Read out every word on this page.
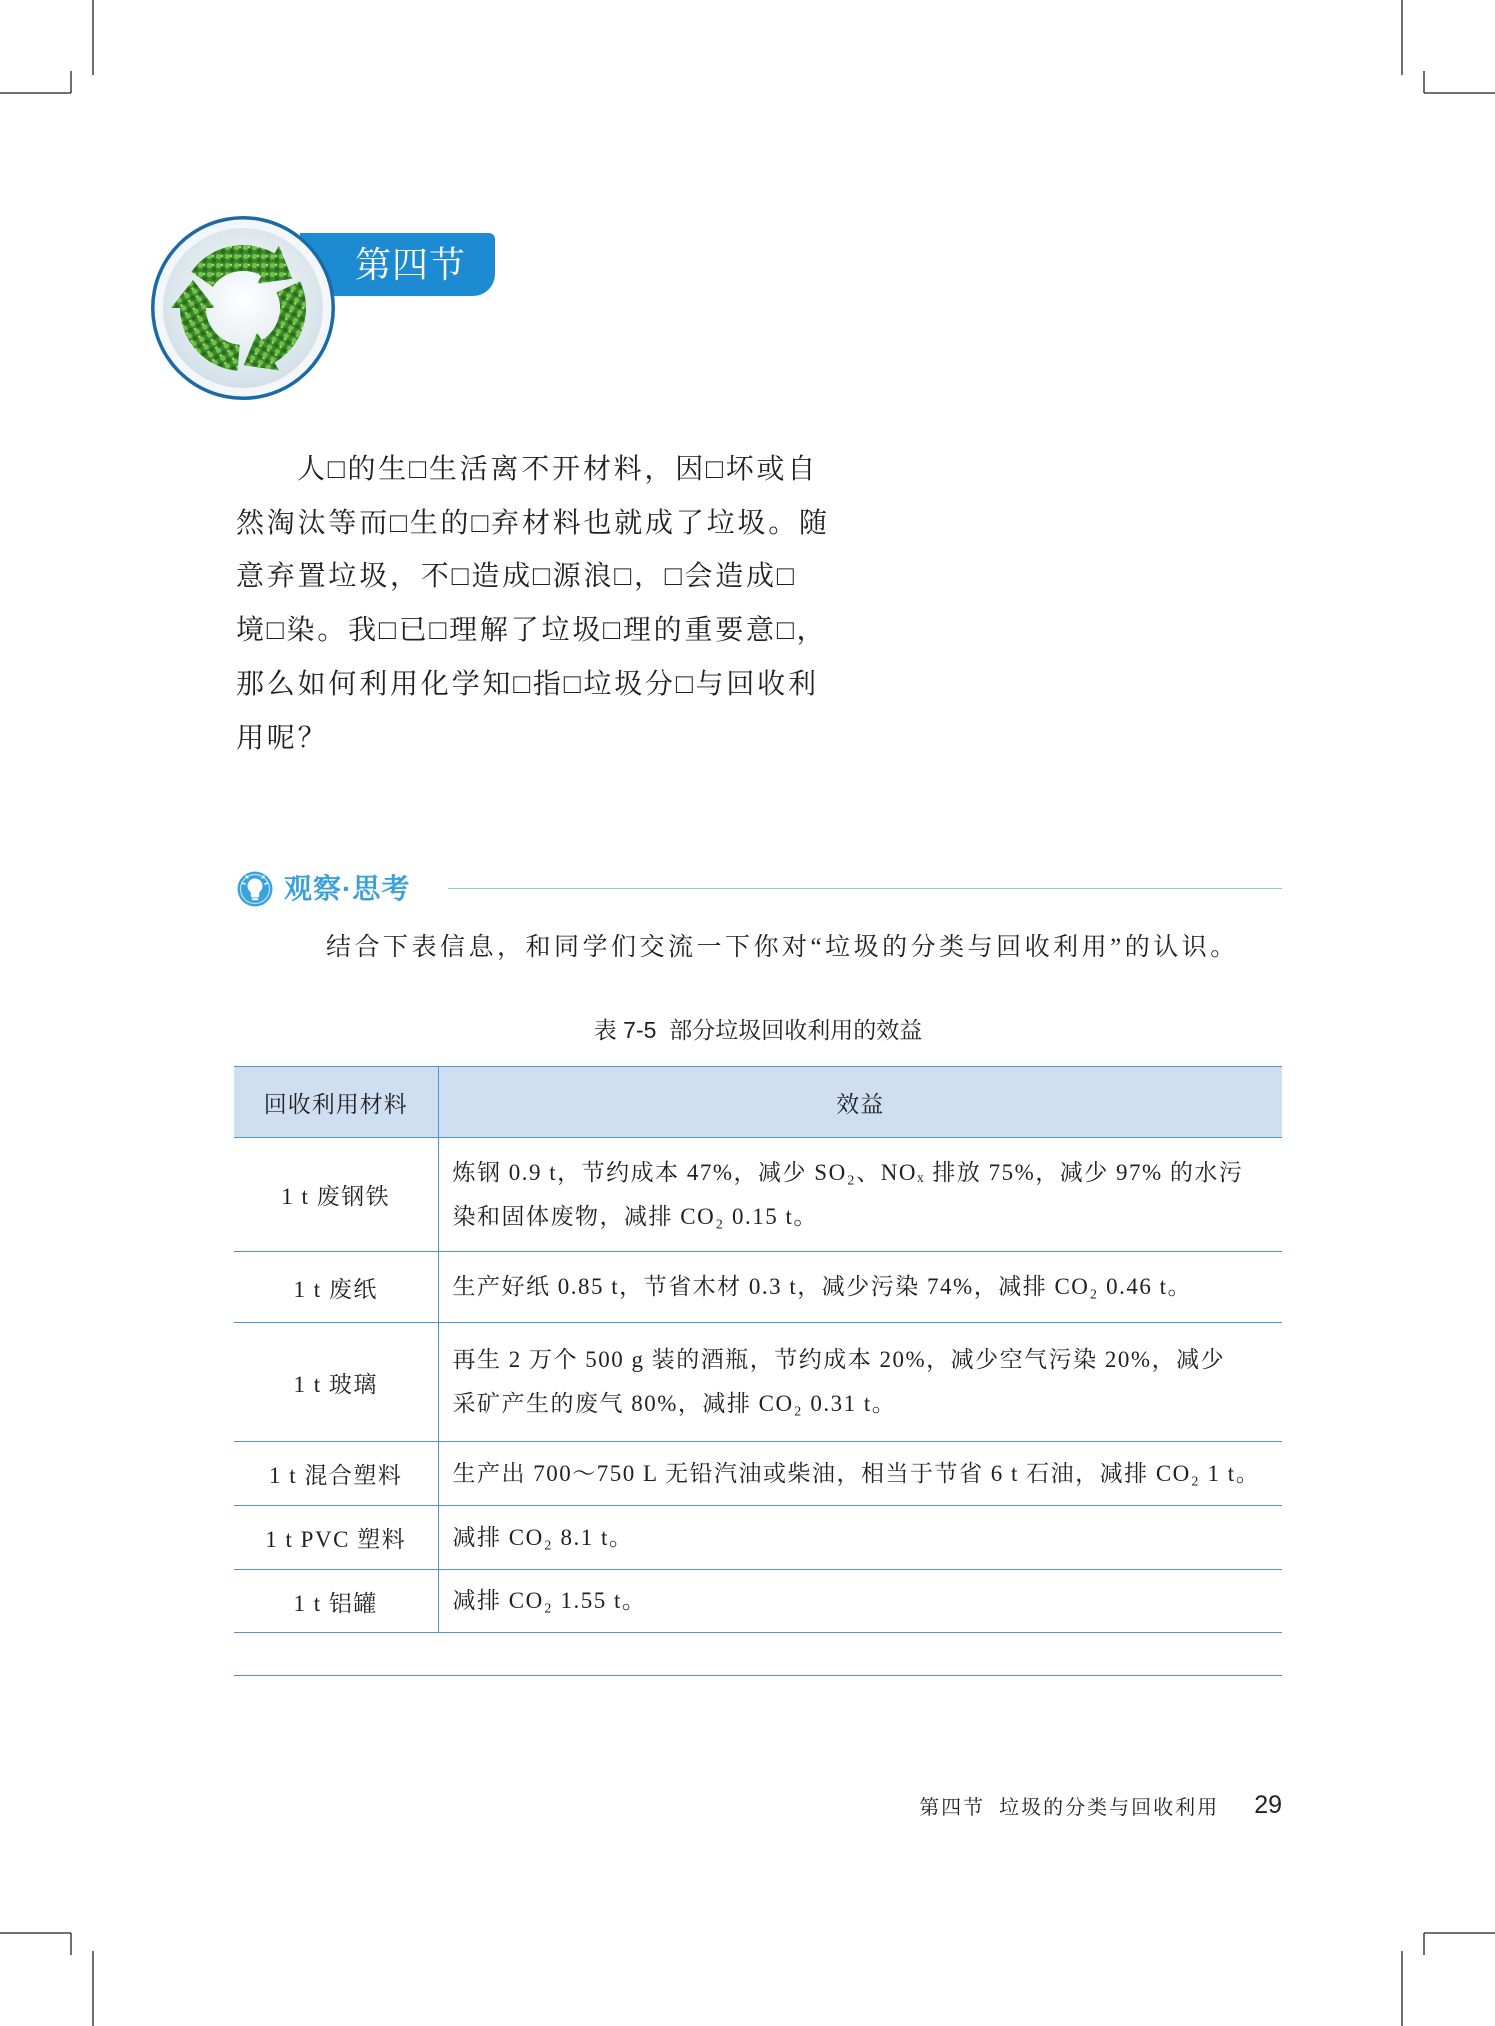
第四节
人□的生□生活离不开材料，因□坏或自
然淘汰等而□生的□弃材料也就成了垃圾。随
意弃置垃圾，不□造成□源浪□，□会造成□
境□染。我□已□理解了垃圾□理的重要意□，
那么如何利用化学知□指□垃圾分□与回收利
用呢？
观察·思考
结合下表信息，和同学们交流一下你对“垃圾的分类与回收利用”的认识。
表 7-5  部分垃圾回收利用的效益
回收利用材料	效益
1 t 废钢铁	炼钢 0.9 t，节约成本 47%，减少 SO₂、NOₓ 排放 75%，减少 97% 的水污
染和固体废物，减排 CO₂ 0.15 t。

1 t 废纸	生产好纸 0.85 t，节省木材 0.3 t，减少污染 74%，减排 CO₂ 0.46 t。

1 t 玻璃	再生 2 万个 500 g 装的酒瓶，节约成本 20%，减少空气污染 20%，减少
采矿产生的废气 80%，减排 CO₂ 0.31 t。

1 t 混合塑料	生产出 700～750 L 无铅汽油或柴油，相当于节省 6 t 石油，减排 CO₂ 1 t。

1 t PVC 塑料	减排 CO₂ 8.1 t。

1 t 铝罐	减排 CO₂ 1.55 t。
第四节  垃圾的分类与回收利用 29
